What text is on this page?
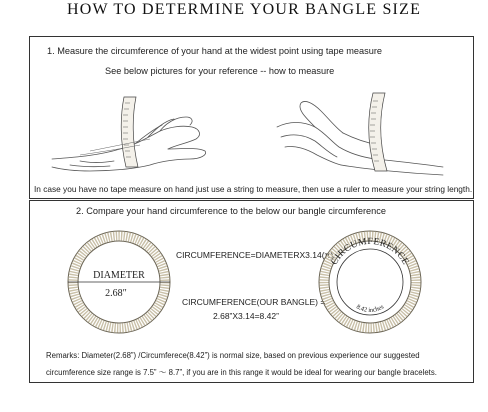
HOW TO DETERMINE YOUR BANGLE SIZE
1. Measure the circumference of your hand at the widest point using tape measure
See below pictures for your reference -- how to measure
In case you have no tape measure on hand just use a string to measure, then use a ruler to measure your string length.
2. Compare your hand circumference to the below our bangle circumference
DIAMETER
2.68″
CIRCUMFERENCE=DIAMETERX3.14(π)
CIRCUMFERENCE(OUR BANGLE) =
2.68”X3.14=8.42”
CIRCUMFERENCE
8.42 inches
Remarks: Diameter(2.68”) /Circumferece(8.42”) is normal size, based on previous experience our suggested
circumference size range is 7.5” ～ 8.7”, if you are in this range it would be ideal for wearing our bangle bracelets.
